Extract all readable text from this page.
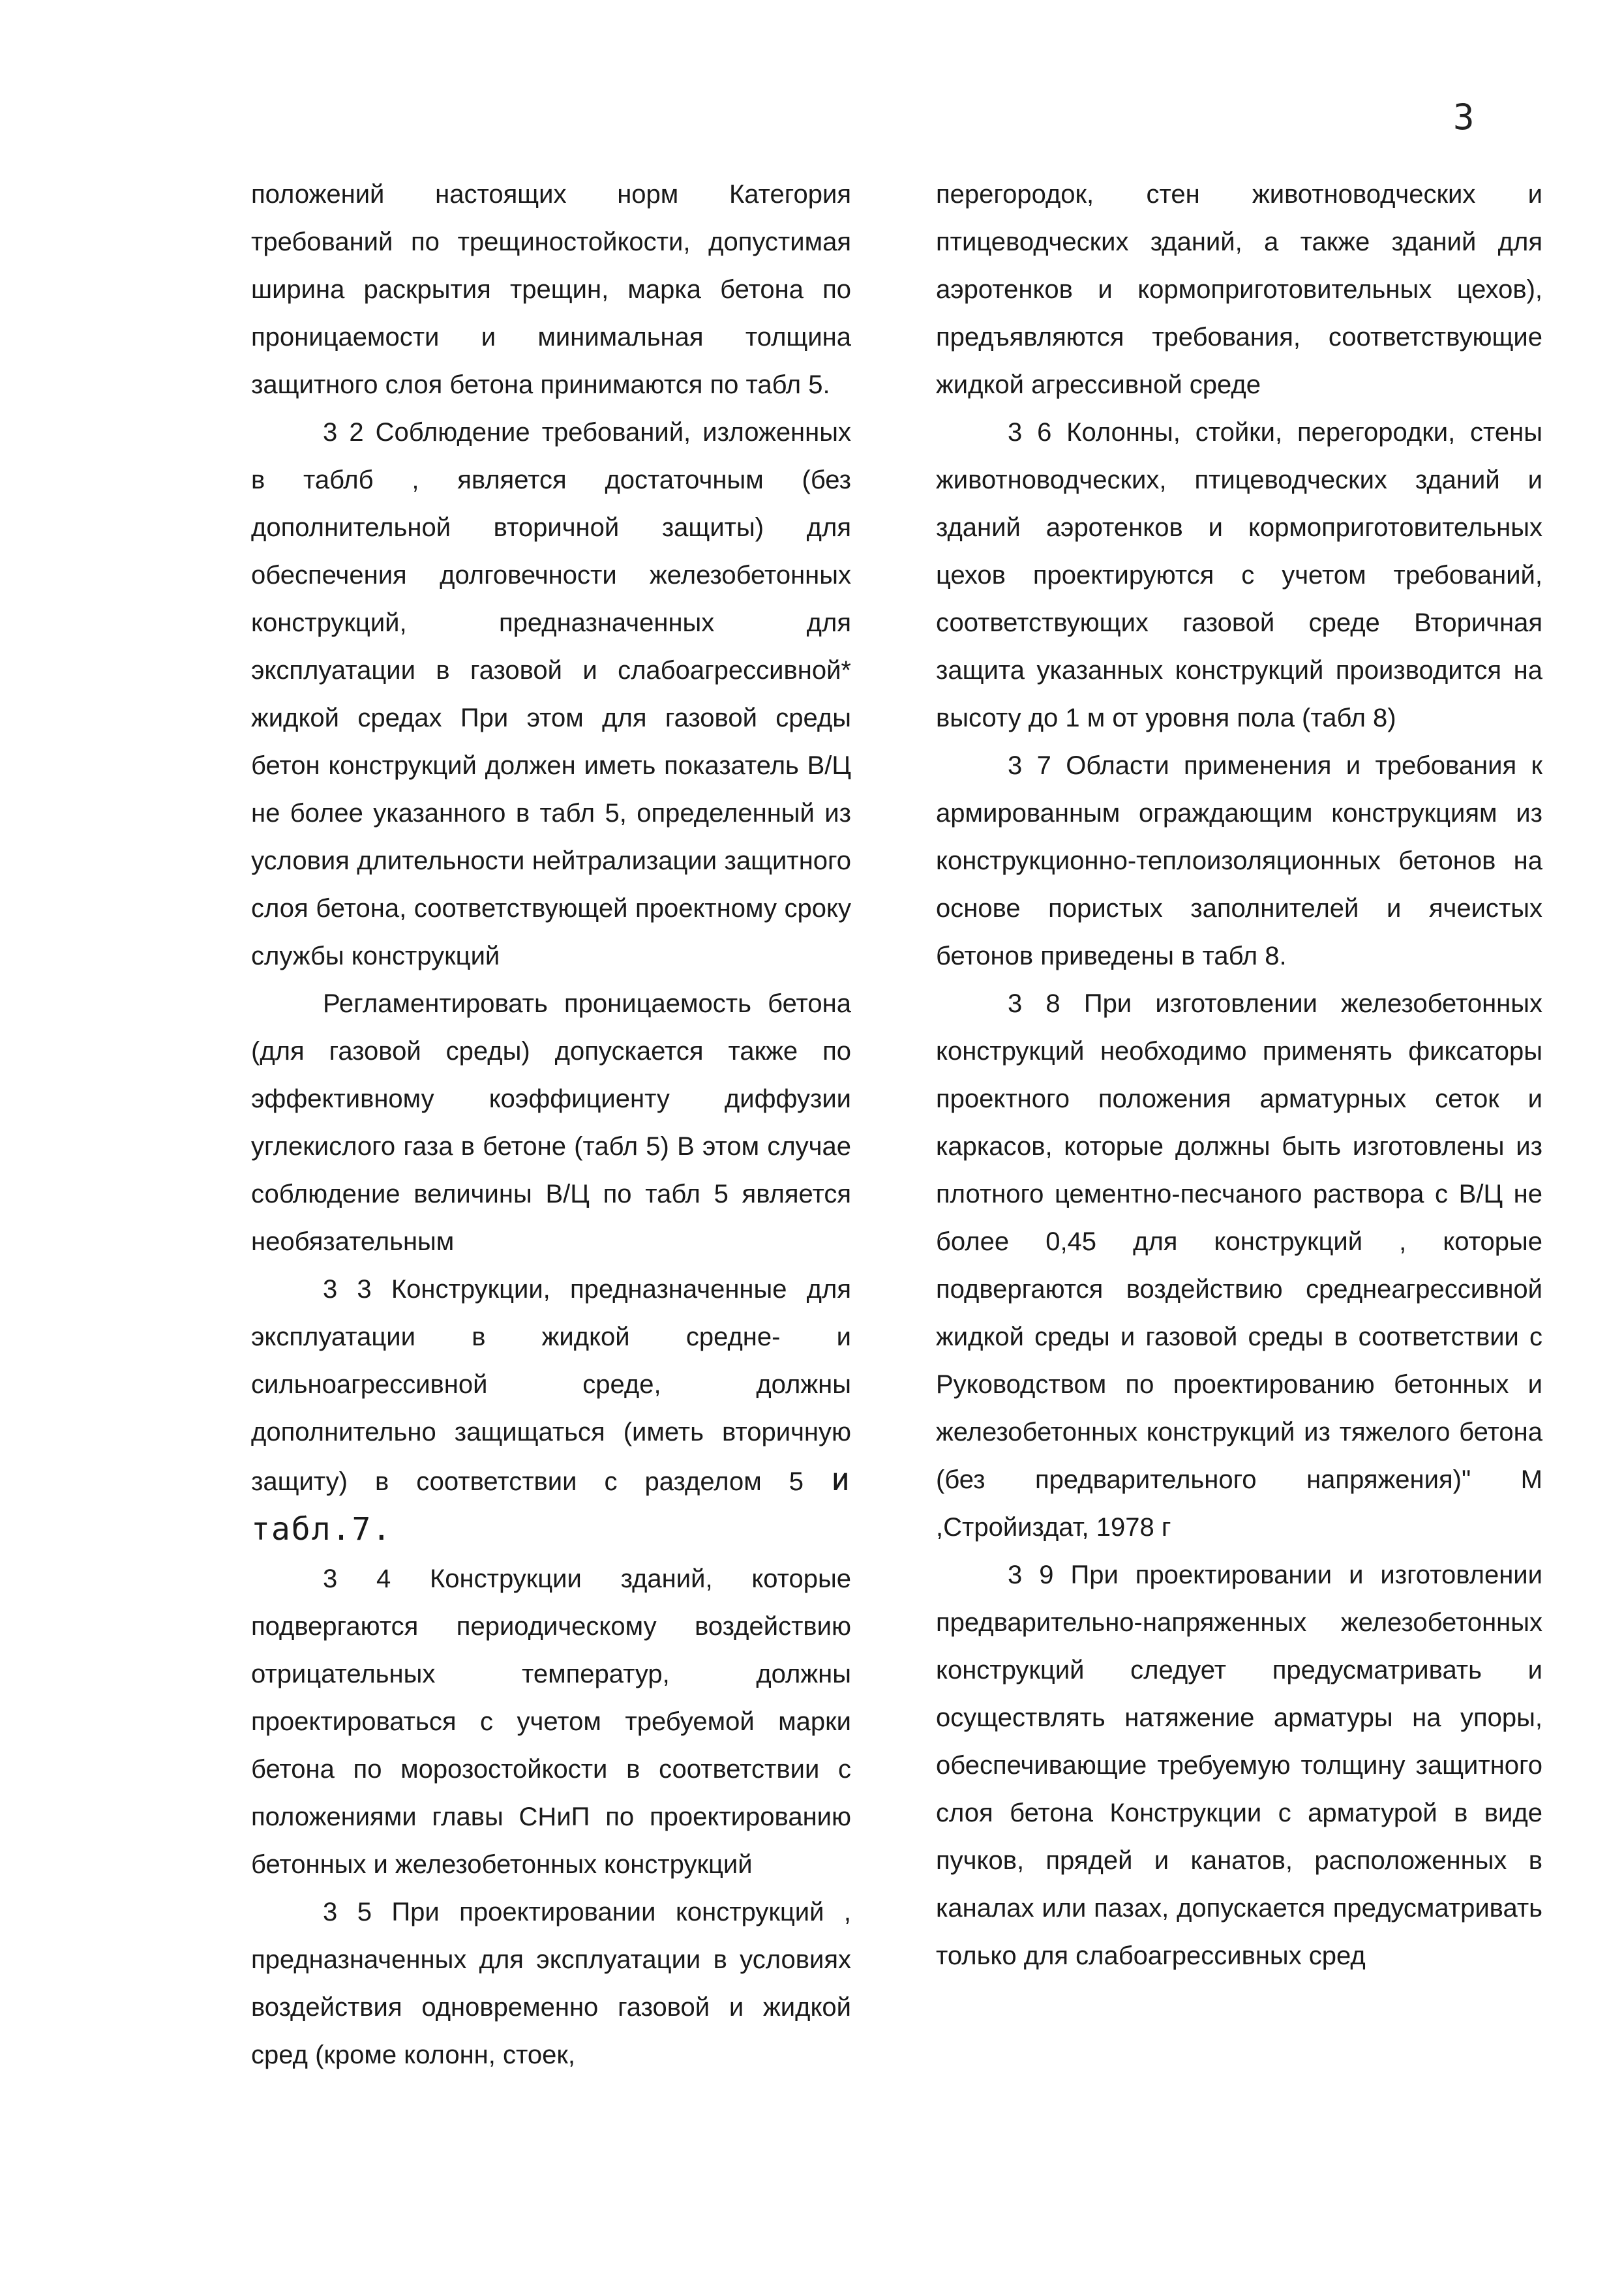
3

положений настоящих норм Категория требований по трещиностойкости, допустимая ширина раскрытия трещин, марка бетона по проницаемости и минимальная толщина защитного слоя бетона принимаются по табл 5.

3 2 Соблюдение требований, изложенных в таблб , является достаточным (без дополнительной вторичной защиты) для обеспечения долговечности железобетонных конструкций, предназначенных для эксплуатации в газовой и слабоагрессивной* жидкой средах При этом для газовой среды бетон конструкций должен иметь показатель В/Ц не более указанного в табл 5, определенный из условия длительности нейтрализации защитного слоя бетона, соответствующей проектному сроку службы конструкций

Регламентировать проницаемость бетона (для газовой среды) допускается также по эффективному коэффициенту диффузии углекислого газа в бетоне (табл 5) В этом случае соблюдение величины В/Ц по табл 5 является необязательным

3 3 Конструкции, предназначенные для эксплуатации в жидкой средне- и сильноагрессивной среде, должны дополнительно защищаться (иметь вторичную защиту) в соответствии с разделом 5 и табл.7.

3 4 Конструкции зданий, которые подвергаются периодическому воздействию отрицательных температур, должны проектироваться с учетом требуемой марки бетона по морозостойкости в соответствии с положениями главы СНиП по проектированию бетонных и железобетонных конструкций

3 5 При проектировании конструкций , предназначенных для эксплуатации в условиях воздействия одновременно газовой и жидкой сред (кроме колонн, стоек,

перегородок, стен животноводческих и птицеводческих зданий, а также зданий для аэротенков и кормоприготовительных цехов), предъявляются требования, соответствующие жидкой агрессивной среде

3 6 Колонны, стойки, перегородки, стены животноводческих, птицеводческих зданий и зданий аэротенков и кормоприготовительных цехов проектируются с учетом требований, соответствующих газовой среде Вторичная защита указанных конструкций производится на высоту до 1 м от уровня пола (табл 8)

3 7 Области применения и требования к армированным ограждающим конструкциям из конструкционно-теплоизоляционных бетонов на основе пористых заполнителей и ячеистых бетонов приведены в табл 8.

3 8 При изготовлении железобетонных конструкций необходимо применять фиксаторы проектного положения арматурных сеток и каркасов, которые должны быть изготовлены из плотного цементно-песчаного раствора с В/Ц не более 0,45 для конструкций , которые подвергаются воздействию среднеагрессивной жидкой среды и газовой среды в соответствии с Руководством по проектированию бетонных и железобетонных конструкций из тяжелого бетона (без предварительного напряжения)" М ,Стройиздат, 1978 г

3 9 При проектировании и изготовлении предварительно-напряженных железобетонных конструкций следует предусматривать и осуществлять натяжение арматуры на упоры, обеспечивающие требуемую толщину защитного слоя бетона Конструкции с арматурой в виде пучков, прядей и канатов, расположенных в каналах или пазах, допускается предусматривать только для слабоагрессивных сред
